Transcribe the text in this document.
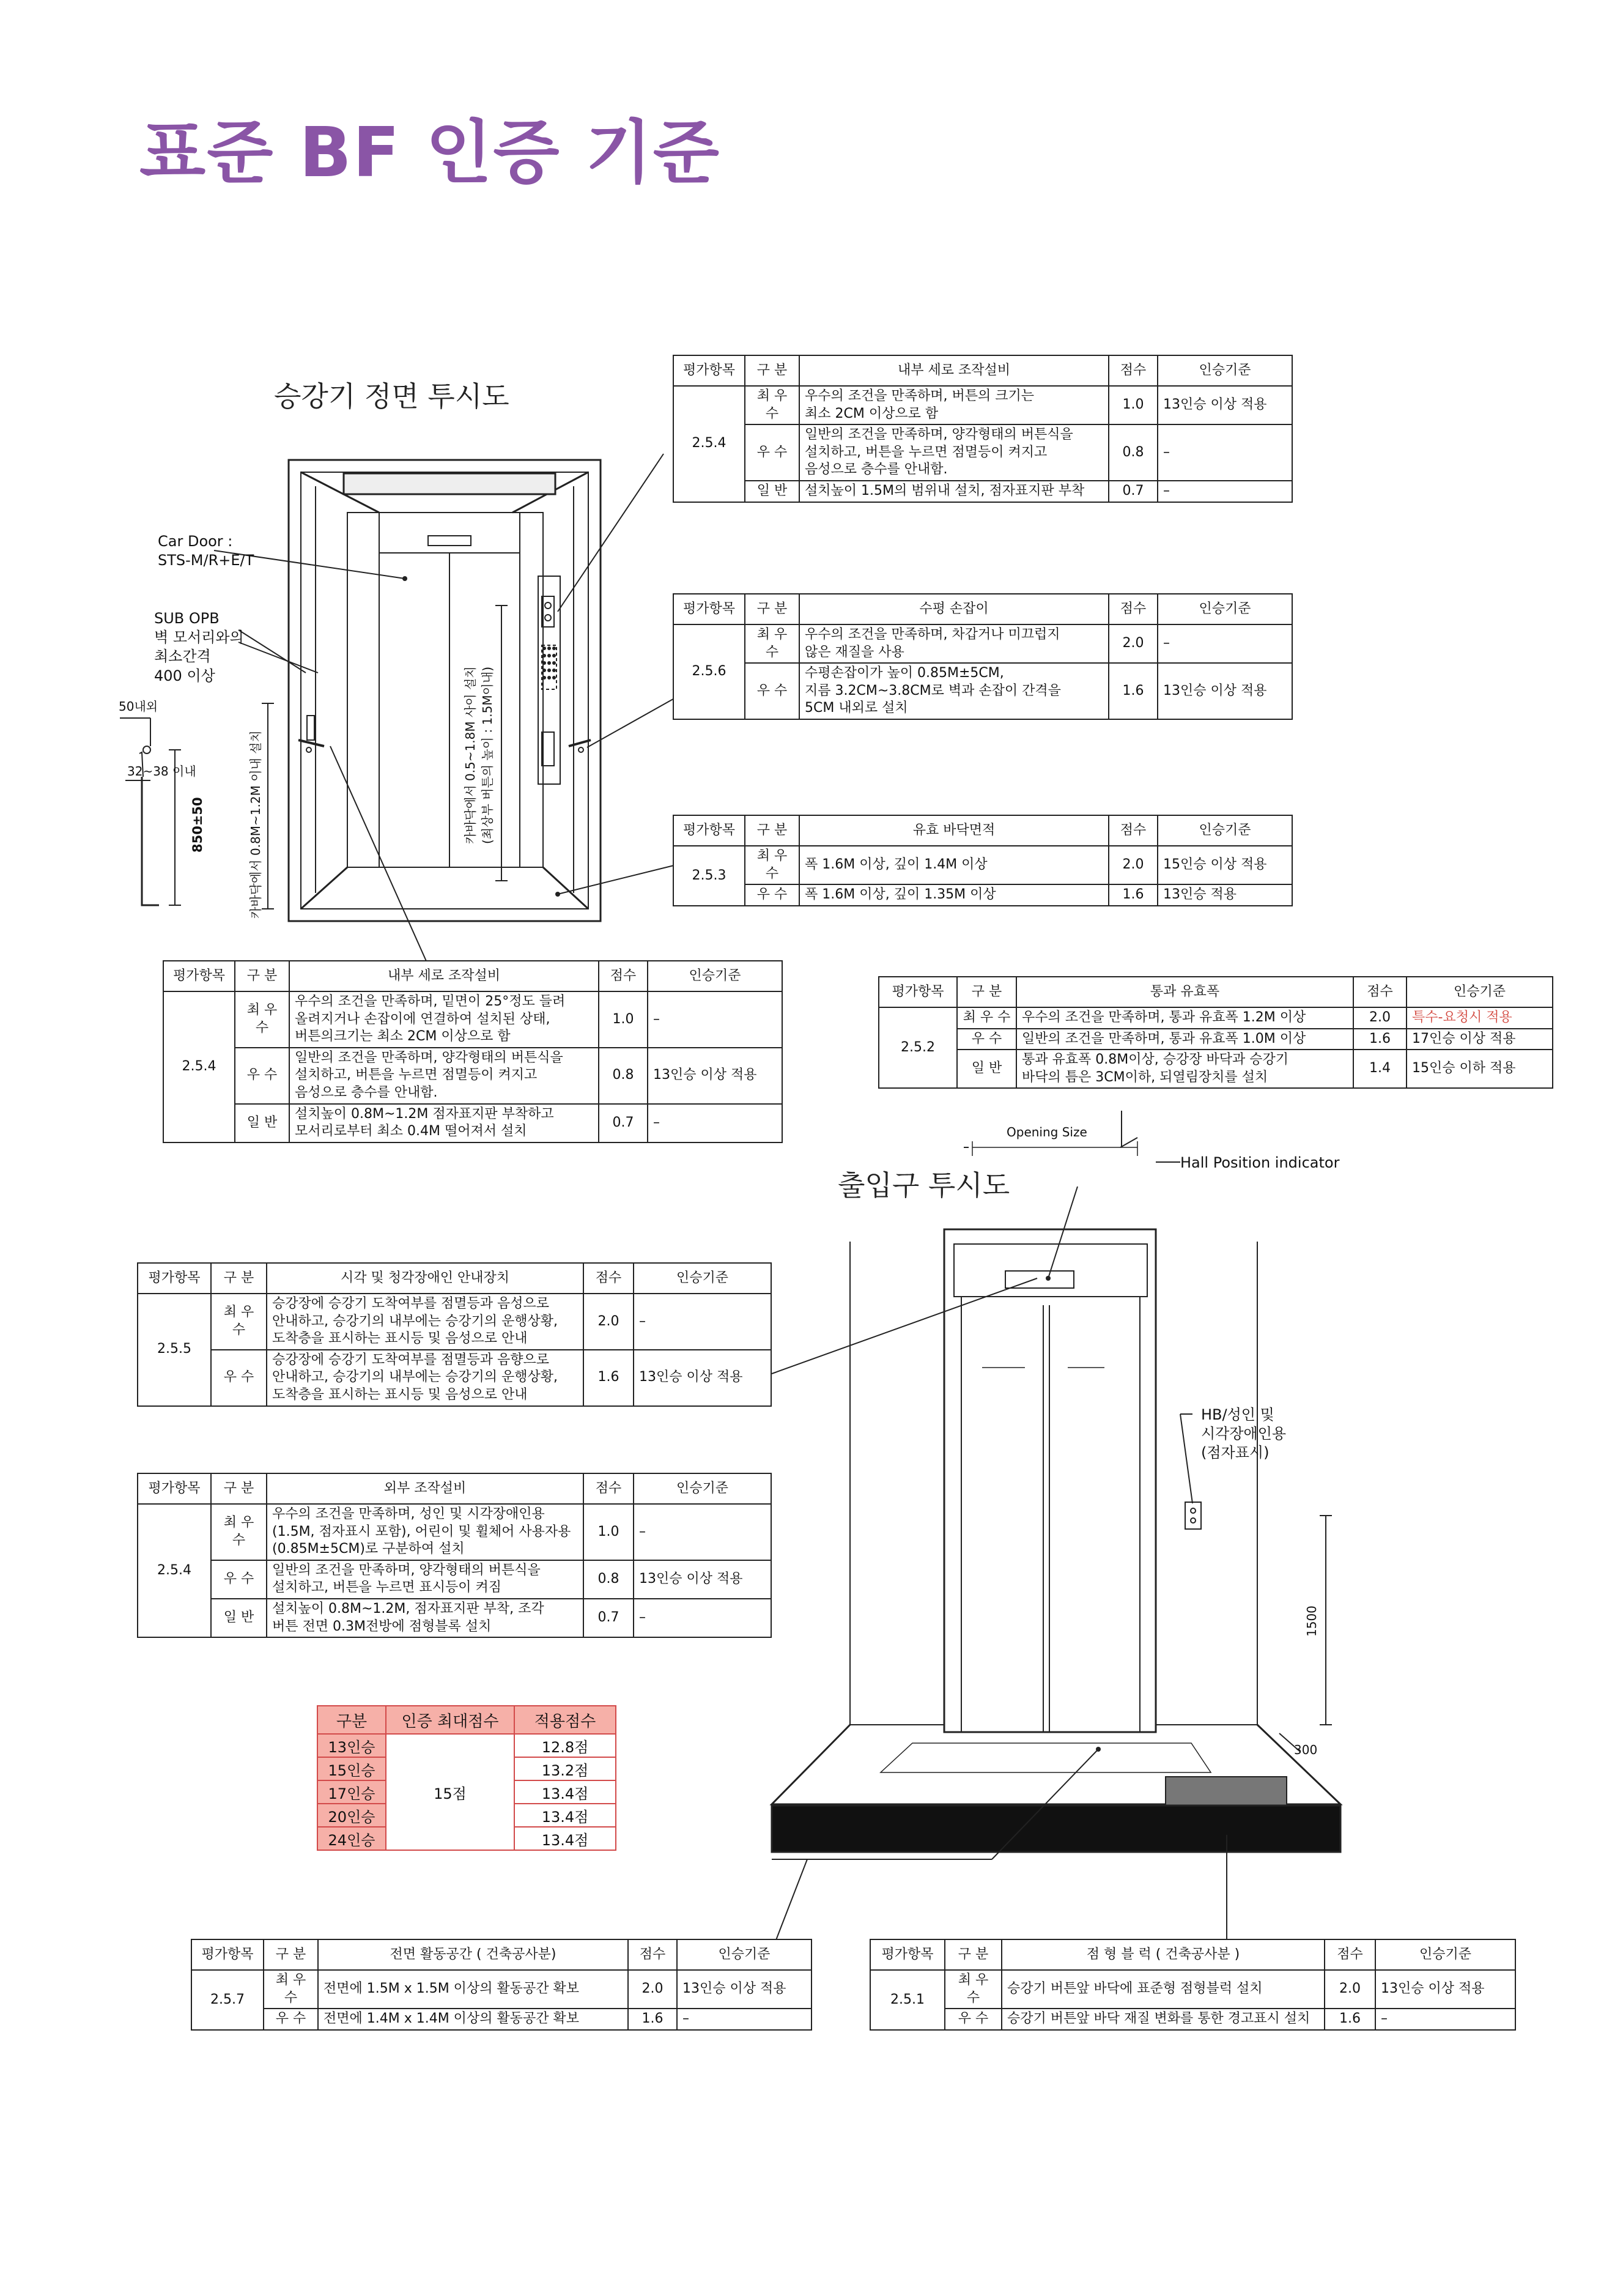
표준 BF 인증 기준
승강기 정면 투시도
출입구 투시도
Car Door :
STS-M/R+E/T
SUB OPB
벽 모서리와의
최소간격
400 이상
50내외
32~38 이내
850±50	카바닥에서 0.8M~1.2M 이내 설치	카바닥에서 0.5~1.8M 사이 설치 (최상부 버튼의 높이 : 1.5M이내)
Opening Size
Hall Position indicator
HB/성인 및
시각장애인용
(점자표시)
1500
300
평가항목	구 분	내부 세로 조작설비	점수	인승기준
2.5.4	최 우 수	우수의 조건을 만족하며, 버튼의 크기는
최소 2CM 이상으로 함	1.0	13인승 이상 적용
	우 수	일반의 조건을 만족하며, 양각형태의 버튼식을
설치하고, 버튼을 누르면 점멸등이 켜지고
음성으로 층수를 안내함.	0.8	–
	일 반	설치높이 1.5M의 범위내 설치, 점자표지판 부착	0.7	–
평가항목	구 분	수평 손잡이	점수	인승기준
2.5.6	최 우 수	우수의 조건을 만족하며, 차갑거나 미끄럽지
않은 재질을 사용	2.0	–
	우 수	수평손잡이가 높이 0.85M±5CM,
지름 3.2CM~3.8CM로 벽과 손잡이 간격을
5CM 내외로 설치	1.6	13인승 이상 적용
평가항목	구 분	유효 바닥면적	점수	인승기준
2.5.3	최 우 수	폭 1.6M 이상, 깊이 1.4M 이상	2.0	15인승 이상 적용
	우 수	폭 1.6M 이상, 깊이 1.35M 이상	1.6	13인승 적용
평가항목	구 분	내부 세로 조작설비	점수	인승기준
2.5.4	최 우 수	우수의 조건을 만족하며, 밑면이 25°정도 들려
올려지거나 손잡이에 연결하여 설치된 상태,
버튼의크기는 최소 2CM 이상으로 함	1.0	–
	우 수	일반의 조건을 만족하며, 양각형태의 버튼식을
설치하고, 버튼을 누르면 점멸등이 켜지고
음성으로 층수를 안내함.	0.8	13인승 이상 적용
	일 반	설치높이 0.8M~1.2M 점자표지판 부착하고
모서리로부터 최소 0.4M 떨어져서 설치	0.7	–
평가항목	구 분	통과 유효폭	점수	인승기준
2.5.2	최 우 수	우수의 조건을 만족하며, 통과 유효폭 1.2M 이상	2.0	특수-요청시 적용
	우 수	일반의 조건을 만족하며, 통과 유효폭 1.0M 이상	1.6	17인승 이상 적용
	일 반	통과 유효폭 0.8M이상, 승강장 바닥과 승강기
바닥의 틈은 3CM이하, 되열림장치를 설치	1.4	15인승 이하 적용
평가항목	구 분	시각 및 청각장애인 안내장치	점수	인승기준
2.5.5	최 우 수	승강장에 승강기 도착여부를 점멸등과 음성으로
안내하고, 승강기의 내부에는 승강기의 운행상황,
도착층을 표시하는 표시등 및 음성으로 안내	2.0	–
	우 수	승강장에 승강기 도착여부를 점멸등과 음향으로
안내하고, 승강기의 내부에는 승강기의 운행상황,
도착층을 표시하는 표시등 및 음성으로 안내	1.6	13인승 이상 적용
평가항목	구 분	외부 조작설비	점수	인승기준
2.5.4	최 우 수	우수의 조건을 만족하며, 성인 및 시각장애인용
(1.5M, 점자표시 포함), 어린이 및 휠체어 사용자용
(0.85M±5CM)로 구분하여 설치	1.0	–
	우 수	일반의 조건을 만족하며, 양각형태의 버튼식을
설치하고, 버튼을 누르면 표시등이 켜짐	0.8	13인승 이상 적용
	일 반	설치높이 0.8M~1.2M, 점자표지판 부착, 조각
버튼 전면 0.3M전방에 점형블록 설치	0.7	–
평가항목	구 분	전면 활동공간 ( 건축공사분)	점수	인승기준
2.5.7	최 우 수	전면에 1.5M x 1.5M 이상의 활동공간 확보	2.0	13인승 이상 적용
	우 수	전면에 1.4M x 1.4M 이상의 활동공간 확보	1.6	–
평가항목	구 분	점 형 블 럭 ( 건축공사분 )	점수	인승기준
2.5.1	최 우 수	승강기 버튼앞 바닥에 표준형 점형블럭 설치	2.0	13인승 이상 적용
	우 수	승강기 버튼앞 바닥 재질 변화를 통한 경고표시 설치	1.6	–
구분	인증 최대점수	적용점수
13인승	15점	12.8점
15인승		13.2점
17인승		13.4점
20인승		13.4점
24인승		13.4점
